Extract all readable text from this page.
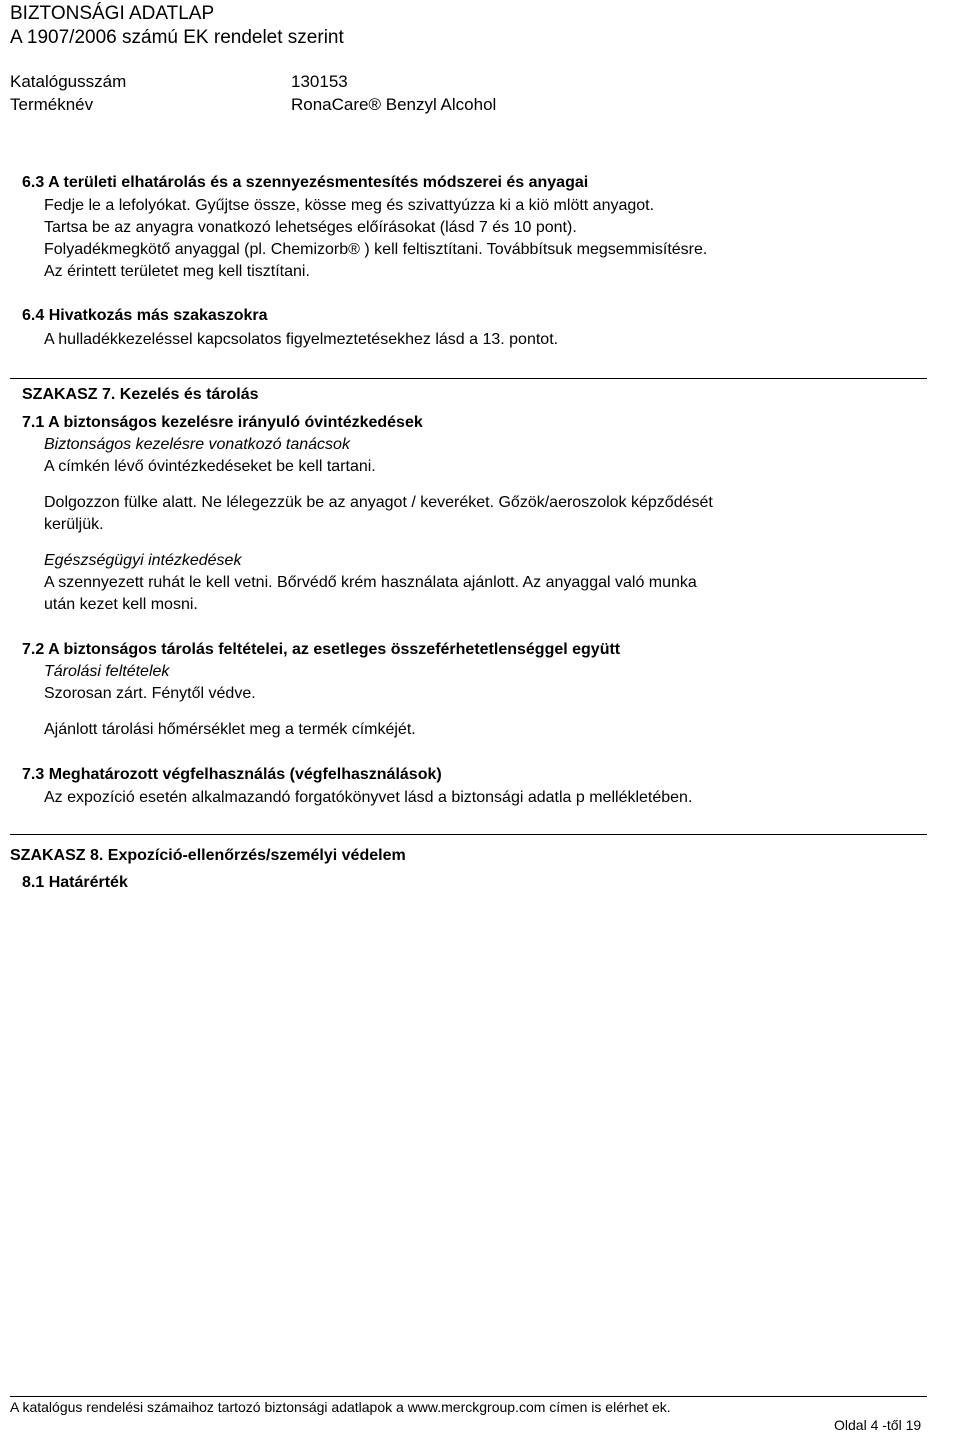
BIZTONSÁGI ADATLAP
A 1907/2006 számú EK rendelet szerint
Katalógusszám	130153
Terméknév	RonaCare® Benzyl Alcohol
6.3 A területi elhatárolás és a szennyezésmentesítés módszerei és anyagai
Fedje le a lefolyókat. Gyűjtse össze, kösse meg és szivattyúzza ki a kiö mlött anyagot.
Tartsa be az anyagra vonatkozó lehetséges előírásokat (lásd 7 és 10 pont).
Folyadékmegkötő anyaggal (pl. Chemizorb® ) kell feltisztítani. Továbbítsuk megsemmisítésre.
Az érintett területet meg kell tisztítani.
6.4 Hivatkozás más szakaszokra
A hulladékkezeléssel kapcsolatos figyelmeztetésekhez lásd a 13. pontot.
SZAKASZ 7. Kezelés és tárolás
7.1 A biztonságos kezelésre irányuló óvintézkedések
Biztonságos kezelésre vonatkozó tanácsok
A címkén lévő óvintézkedéseket be kell tartani.
Dolgozzon fülke alatt. Ne lélegezzük be az anyagot / keveréket. Gőzök/aeroszolok képződését
kerüljük.
Egészségügyi intézkedések
A szennyezett ruhát le kell vetni. Bőrvédő krém használata ajánlott. Az anyaggal való munka
után kezet kell mosni.
7.2 A biztonságos tárolás feltételei, az esetleges összeférhetetlenséggel együtt
Tárolási feltételek
Szorosan zárt. Fénytől védve.
Ajánlott tárolási hőmérséklet meg a termék címkéjét.
7.3 Meghatározott végfelhasználás (végfelhasználások)
Az expozíció esetén alkalmazandó forgatókönyvet lásd a biztonsági adatla p mellékletében.
SZAKASZ 8. Expozíció-ellenőrzés/személyi védelem
8.1 Határérték
A katalógus rendelési számaihoz tartozó biztonsági adatlapok a www.merckgroup.com címen is elérhet ek.
Oldal 4 -től 19
